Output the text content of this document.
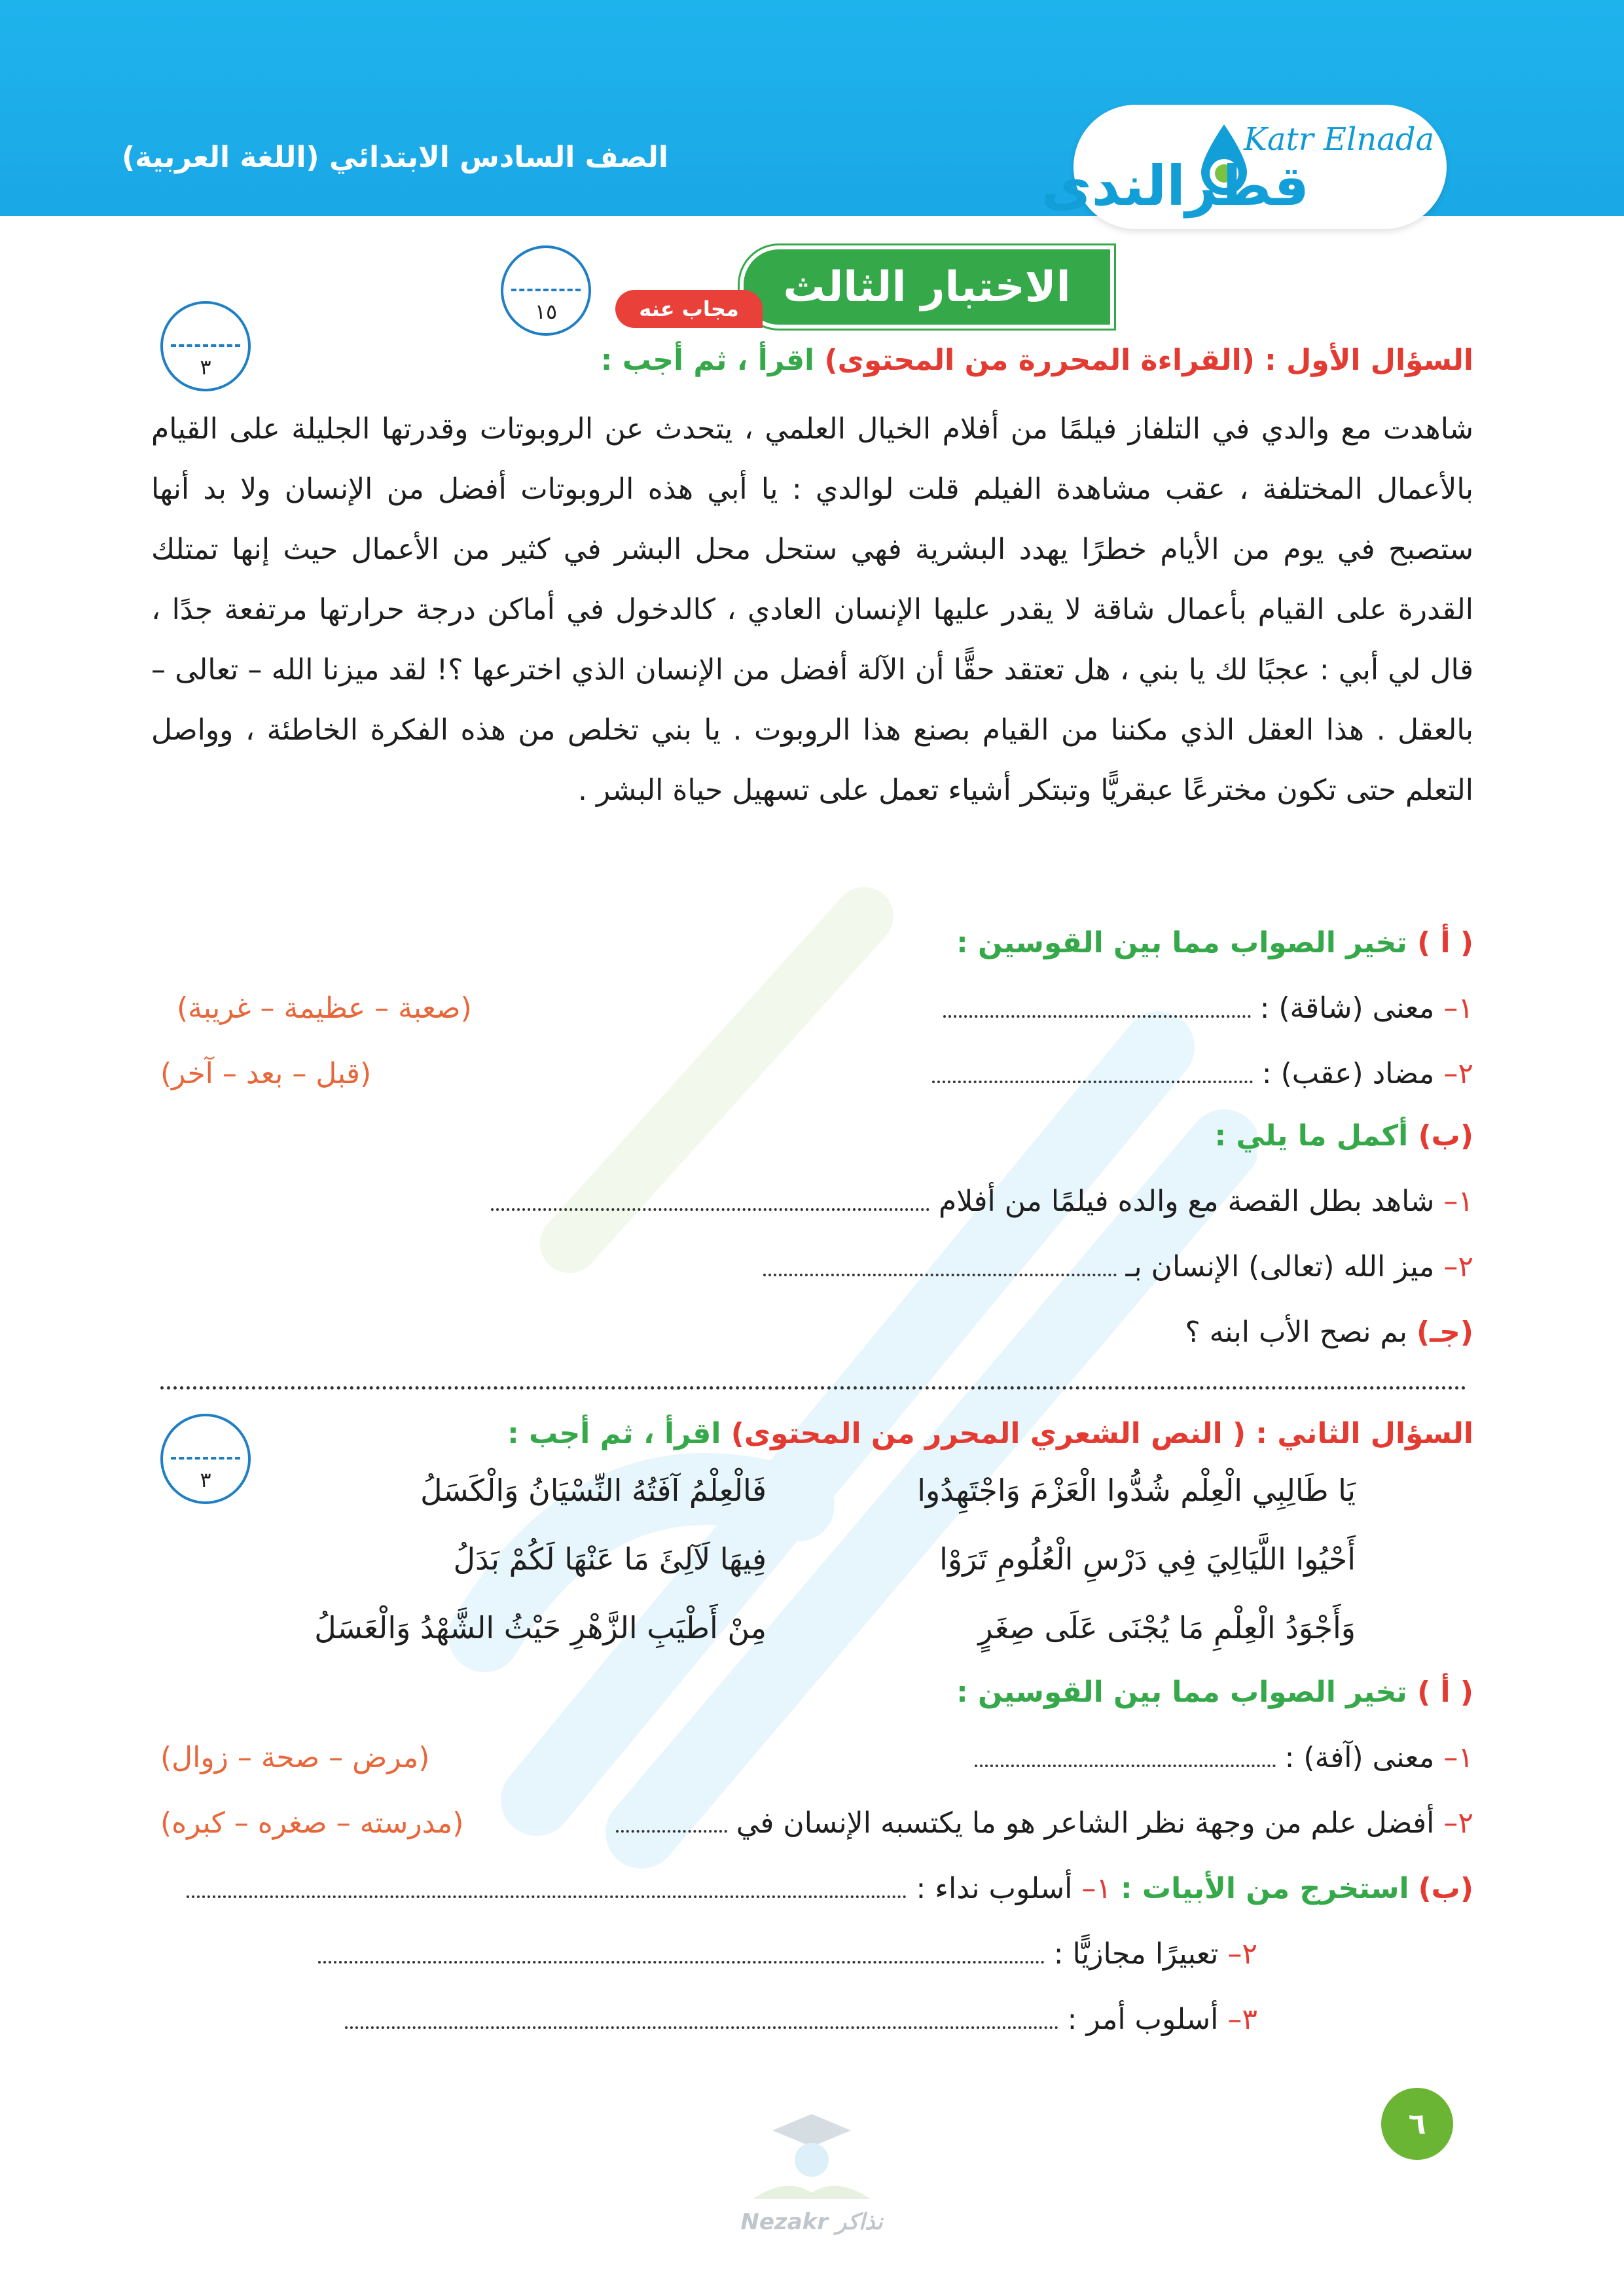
الصف السادس الابتدائي (اللغة العربية)	Katr Elnada
قطرالندى
الاختبار الثالث
مجاب عنه
١٥
٣	السؤال الأول : (القراءة المحررة من المحتوى) اقرأ ، ثم أجب :
شاهدت مع والدي في التلفاز فيلمًا من أفلام الخيال العلمي ، يتحدث عن الروبوتات وقدرتها الجليلة على القيام بالأعمال المختلفة ، عقب مشاهدة الفيلم قلت لوالدي : يا أبي هذه الروبوتات أفضل من الإنسان ولا بد أنها ستصبح في يوم من الأيام خطرًا يهدد البشرية فهي ستحل محل البشر في كثير من الأعمال حيث إنها تمتلك القدرة على القيام بأعمال شاقة لا يقدر عليها الإنسان العادي ، كالدخول في أماكن درجة حرارتها مرتفعة جدًا ، قال لي أبي : عجبًا لك يا بني ، هل تعتقد حقًّا أن الآلة أفضل من الإنسان الذي اخترعها ؟! لقد ميزنا الله – تعالى – بالعقل . هذا العقل الذي مكننا من القيام بصنع هذا الروبوت . يا بني تخلص من هذه الفكرة الخاطئة ، وواصل التعلم حتى تكون مخترعًا عبقريًّا وتبتكر أشياء تعمل على تسهيل حياة البشر .
( أ ) تخير الصواب مما بين القوسين :
١– معنى (شاقة) :
(صعبة – عظيمة – غريبة)
٢– مضاد (عقب) :
(قبل – بعد – آخر)
(ب) أكمل ما يلي :
١– شاهد بطل القصة مع والده فيلمًا من أفلام
٢– ميز الله (تعالى) الإنسان بـ
(جـ) بم نصح الأب ابنه ؟
٣
السؤال الثاني : ( النص الشعري المحرر من المحتوى) اقرأ ، ثم أجب :
يَا طَالِبِي الْعِلْم شُدُّوا الْعَزْمَ وَاجْتَهِدُوا
فَالْعِلْمُ آفَتُهُ النِّسْيَانُ وَالْكَسَلُ
أَحْيُوا اللَّيَالِيَ فِي دَرْسِ الْعُلُومِ تَرَوْا
فِيهَا لَآلِئَ مَا عَنْهَا لَكُمْ بَدَلُ
وَأَجْوَدُ الْعِلْمِ مَا يُجْنَى عَلَى صِغَرٍ
مِنْ أَطْيَبِ الزَّهْرِ حَيْثُ الشَّهْدُ وَالْعَسَلُ
( أ ) تخير الصواب مما بين القوسين :
١– معنى (آفة) :
(مرض – صحة – زوال)
٢– أفضل علم من وجهة نظر الشاعر هو ما يكتسبه الإنسان في
(مدرسته – صغره – كبره)
(ب) استخرج من الأبيات : ١– أسلوب نداء :
٢– تعبيرًا مجازيًّا :
٣– أسلوب أمر :
٦
Nezakr نذاكر
